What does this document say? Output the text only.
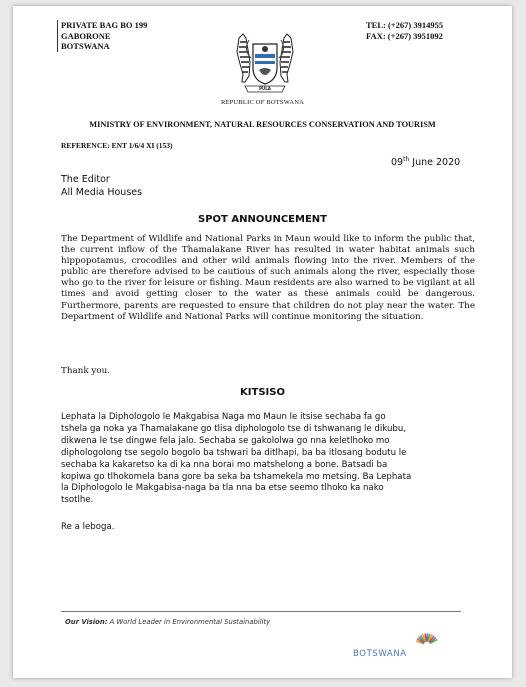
PRIVATE BAG BO 199
GABORONE
BOTSWANA
TEL: (+267) 3914955
FAX: (+267) 3951092
PULA
REPUBLIC OF BOTSWANA
MINISTRY OF ENVIRONMENT, NATURAL RESOURCES CONSERVATION AND TOURISM
REFERENCE: ENT 1/6/4 XI (153)
09th June 2020
The Editor
All Media Houses
SPOT ANNOUNCEMENT
The Department of Wildlife and National Parks in Maun would like to inform the public that, the current inflow of the Thamalakane River has resulted in water habitat animals such hippopotamus, crocodiles and other wild animals flowing into the river. Members of the public are therefore advised to be cautious of such animals along the river, especially those who go to the river for leisure or fishing. Maun residents are also warned to be vigilant at all times and avoid getting closer to the water as these animals could be dangerous. Furthermore, parents are requested to ensure that children do not play near the water. The Department of Wildlife and National Parks will continue monitoring the situation.
Thank you.
KITSISO
Lephata la Diphologolo le Makgabisa Naga mo Maun le itsise sechaba fa go
tshela ga noka ya Thamalakane go tlisa diphologolo tse di tshwanang le dikubu,
dikwena le tse dingwe fela jalo. Sechaba se gakololwa go nna keletlhoko mo
diphologolong tse segolo bogolo ba tshwari ba ditlhapi, ba ba itlosang bodutu le
sechaba ka kakaretso ka di ka nna borai mo matshelong a bone. Batsadi ba
kopiwa go tlhokomela bana gore ba seka ba tshamekela mo metsing. Ba Lephata
la Diphologolo le Makgabisa-naga ba tla nna ba etse seemo tlhoko ka nako
tsotlhe.
Re a leboga.
Our Vision: A World Leader in Environmental Sustainability
BOTSWANA
